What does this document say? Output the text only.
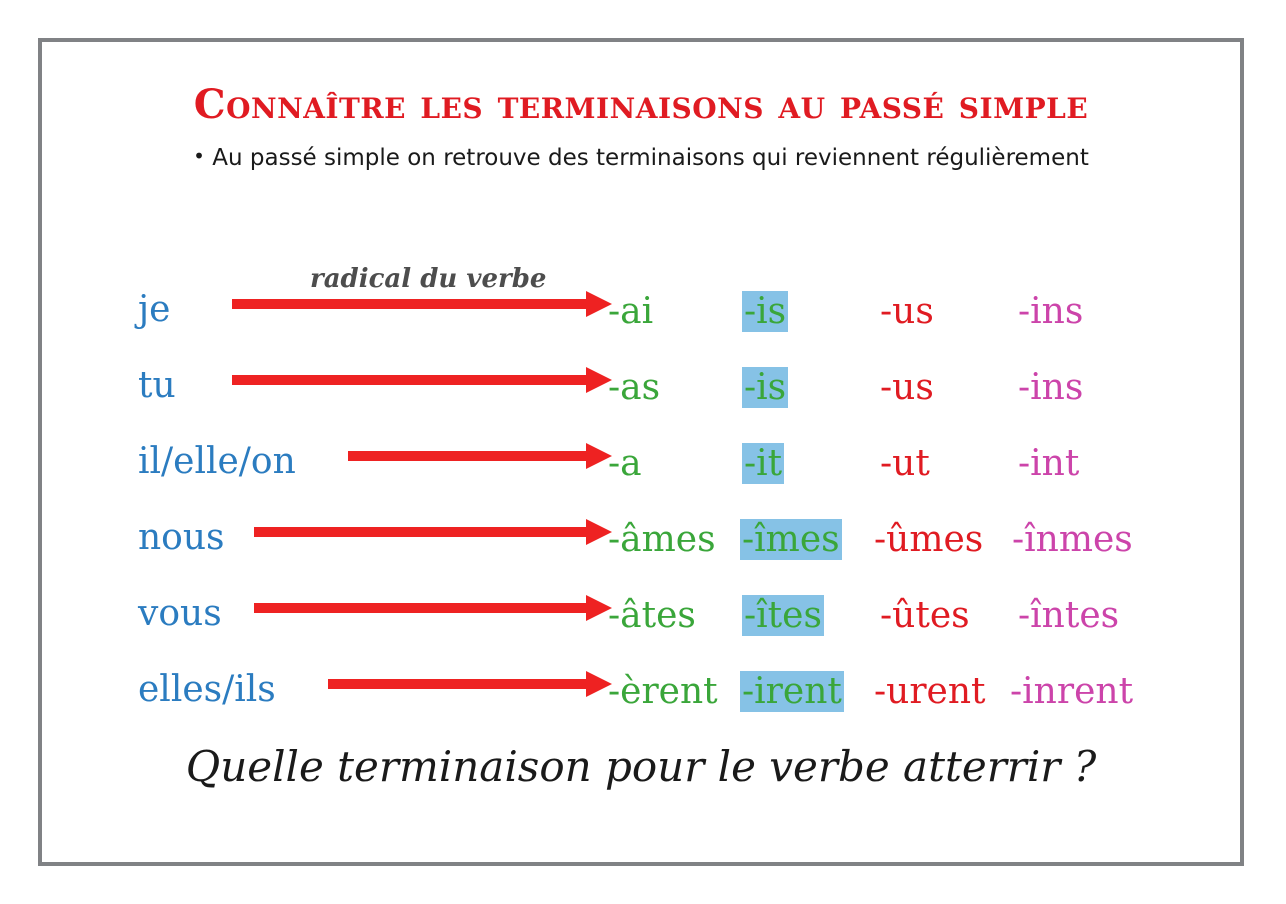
Connaître les terminaisons au passé simple
• Au passé simple on retrouve des terminaisons qui reviennent régulièrement
radical du verbe
je	-ai	-is	-us -ins
tu	-as -is	-us -ins
il/elle/on	-a	-it	-ut -int
nous	-âmes -îmes -ûmes -înmes
vous	-âtes -îtes -ûtes -întes
elles/ils	-èrent -irent -urent -inrent
Quelle terminaison pour le verbe atterrir ?
